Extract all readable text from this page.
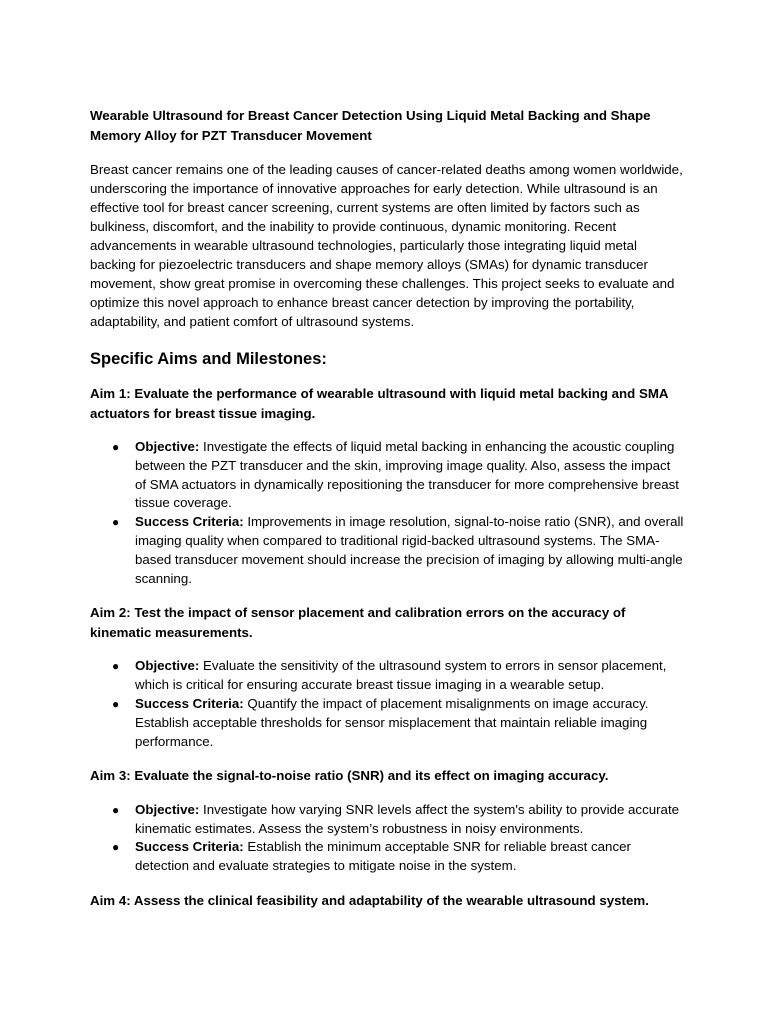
Wearable Ultrasound for Breast Cancer Detection Using Liquid Metal Backing and Shape Memory Alloy for PZT Transducer Movement
Breast cancer remains one of the leading causes of cancer-related deaths among women worldwide, underscoring the importance of innovative approaches for early detection. While ultrasound is an effective tool for breast cancer screening, current systems are often limited by factors such as bulkiness, discomfort, and the inability to provide continuous, dynamic monitoring. Recent advancements in wearable ultrasound technologies, particularly those integrating liquid metal backing for piezoelectric transducers and shape memory alloys (SMAs) for dynamic transducer movement, show great promise in overcoming these challenges. This project seeks to evaluate and optimize this novel approach to enhance breast cancer detection by improving the portability, adaptability, and patient comfort of ultrasound systems.
Specific Aims and Milestones:
Aim 1: Evaluate the performance of wearable ultrasound with liquid metal backing and SMA actuators for breast tissue imaging.
● Objective: Investigate the effects of liquid metal backing in enhancing the acoustic coupling between the PZT transducer and the skin, improving image quality. Also, assess the impact of SMA actuators in dynamically repositioning the transducer for more comprehensive breast tissue coverage.
● Success Criteria: Improvements in image resolution, signal-to-noise ratio (SNR), and overall imaging quality when compared to traditional rigid-backed ultrasound systems. The SMA-based transducer movement should increase the precision of imaging by allowing multi-angle scanning.
Aim 2: Test the impact of sensor placement and calibration errors on the accuracy of kinematic measurements.
● Objective: Evaluate the sensitivity of the ultrasound system to errors in sensor placement, which is critical for ensuring accurate breast tissue imaging in a wearable setup.
● Success Criteria: Quantify the impact of placement misalignments on image accuracy. Establish acceptable thresholds for sensor misplacement that maintain reliable imaging performance.
Aim 3: Evaluate the signal-to-noise ratio (SNR) and its effect on imaging accuracy.
● Objective: Investigate how varying SNR levels affect the system's ability to provide accurate kinematic estimates. Assess the system’s robustness in noisy environments.
● Success Criteria: Establish the minimum acceptable SNR for reliable breast cancer detection and evaluate strategies to mitigate noise in the system.
Aim 4: Assess the clinical feasibility and adaptability of the wearable ultrasound system.
